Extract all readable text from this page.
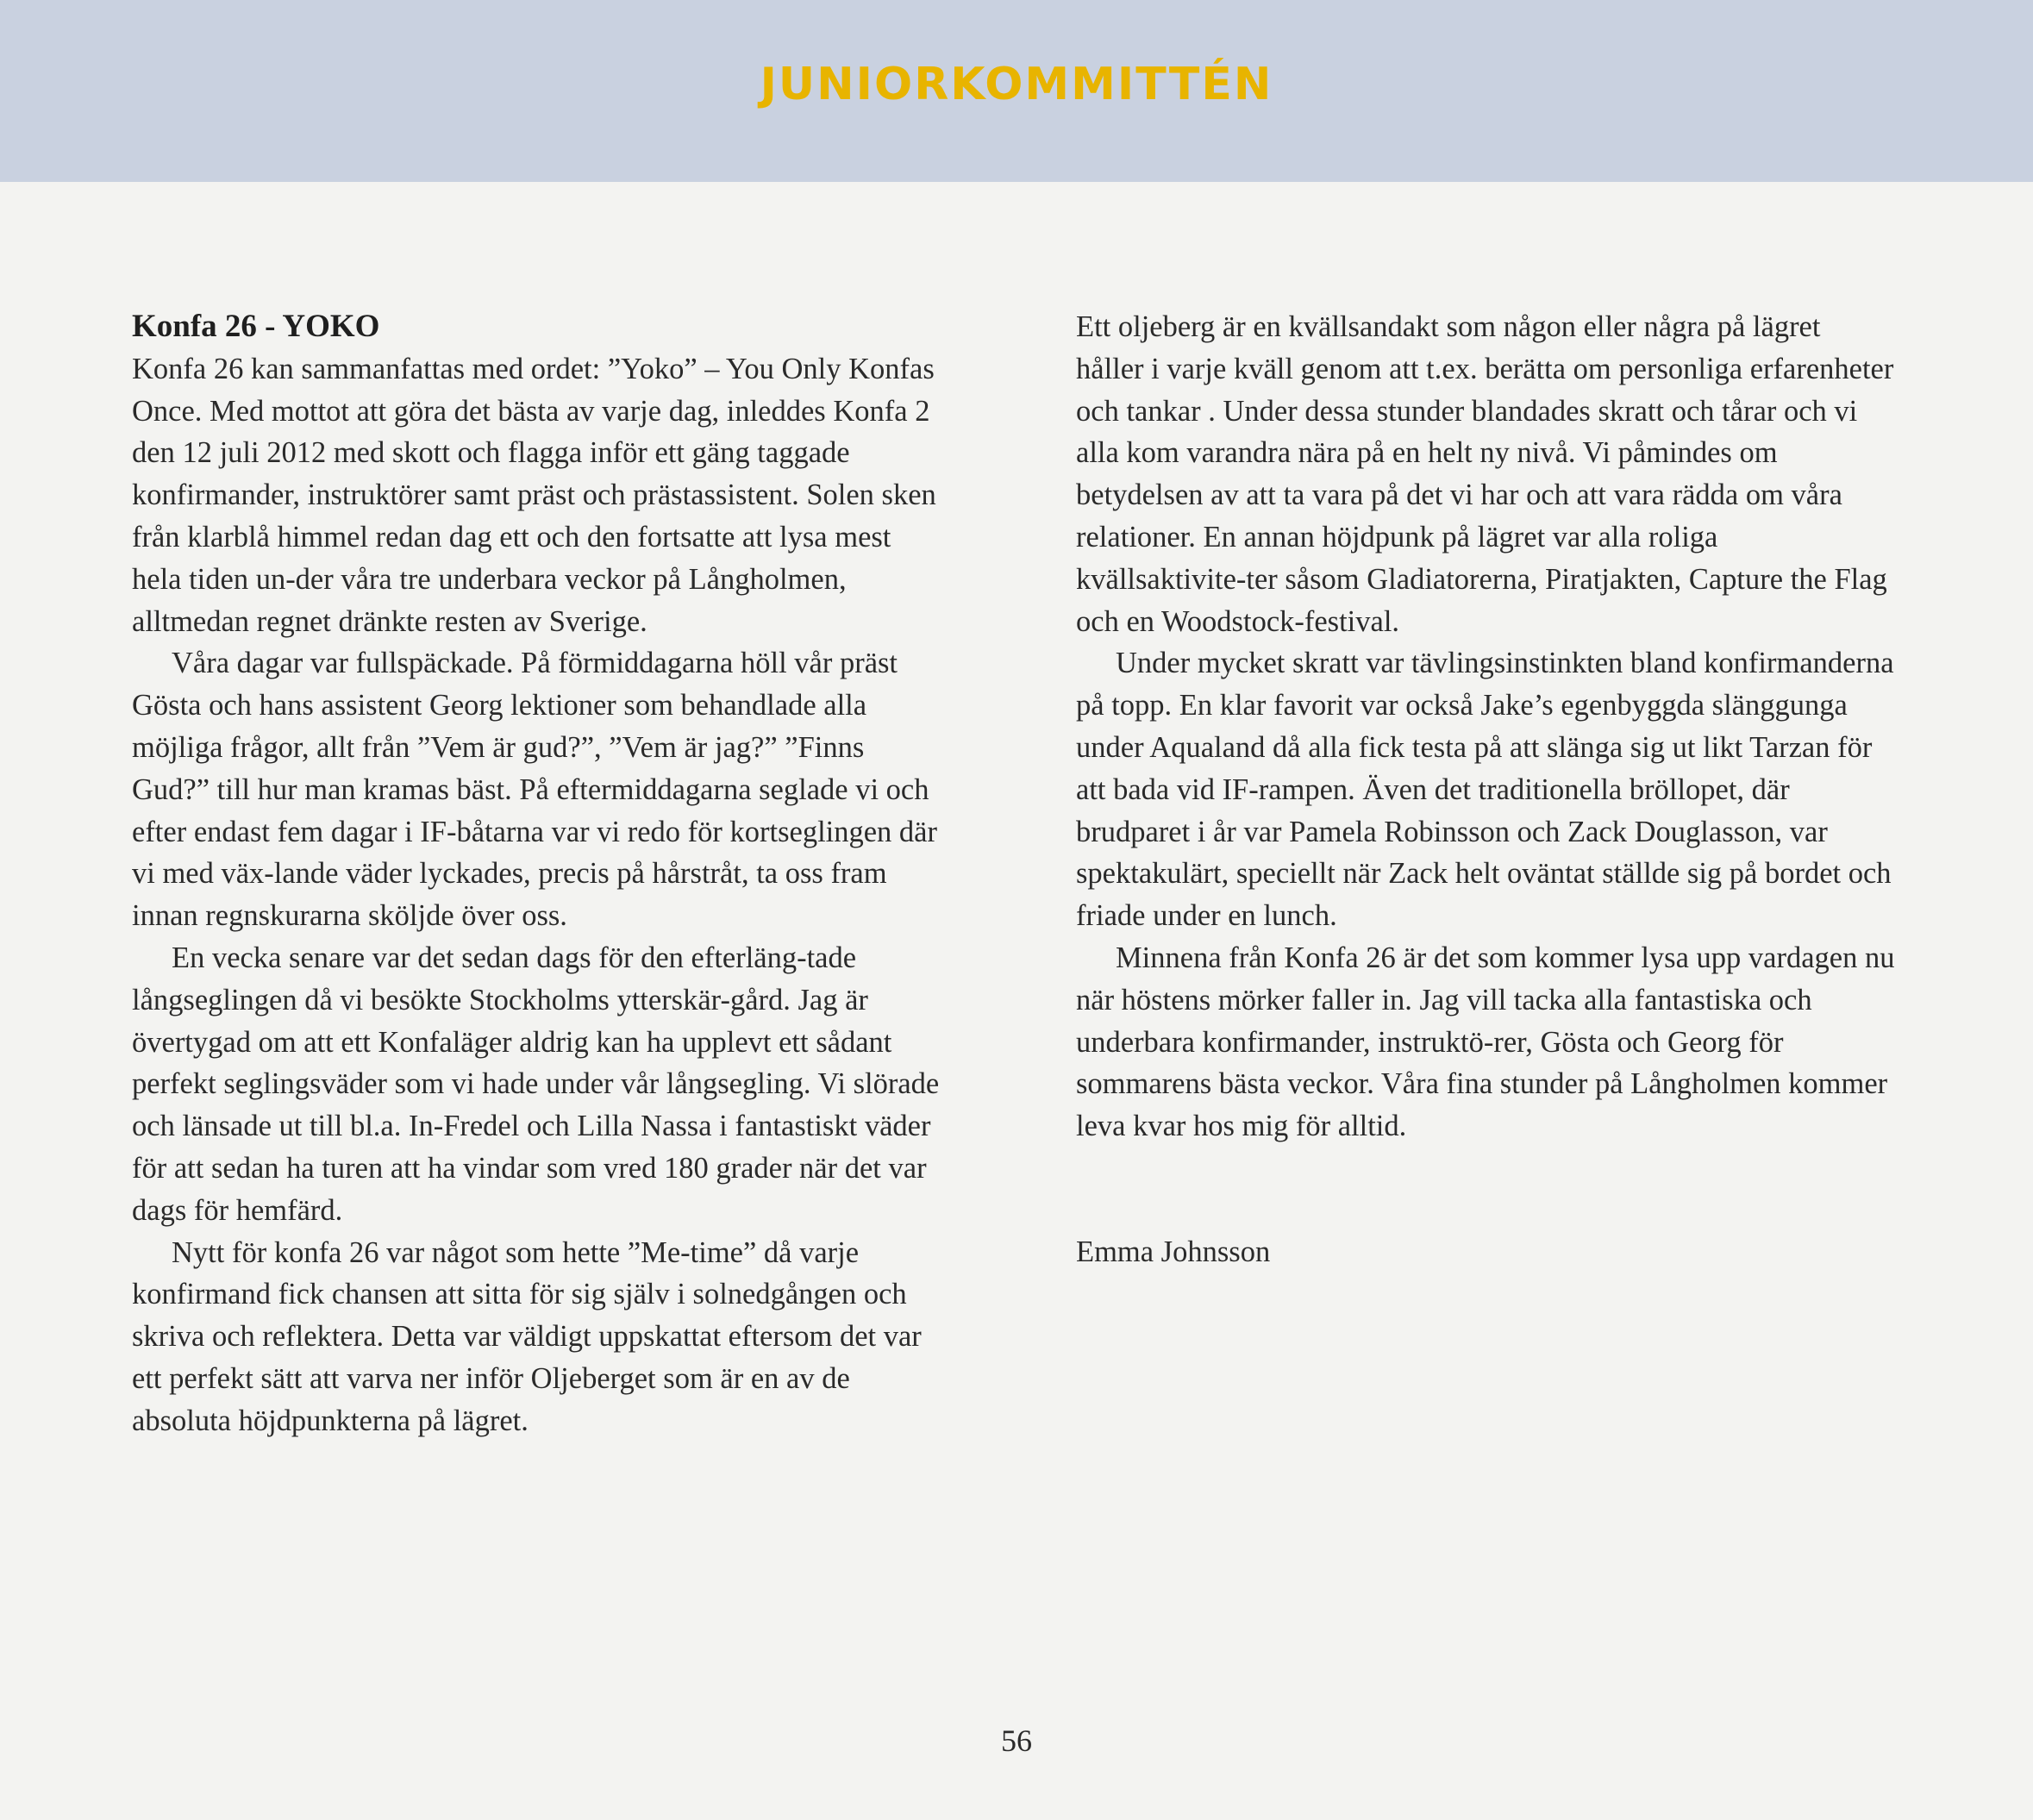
JUNIORKOMMITTÉN
Konfa 26 - YOKO

Konfa 26 kan sammanfattas med ordet: ”Yoko” – You Only Konfas Once. Med mottot att göra det bästa av varje dag, inleddes Konfa 2 den 12 juli 2012 med skott och flagga inför ett gäng taggade konfirmander, instruktörer samt präst och prästassistent. Solen sken från klarblå himmel redan dag ett och den fortsatte att lysa mest hela tiden un-der våra tre underbara veckor på Långholmen, alltmedan regnet dränkte resten av Sverige.

Våra dagar var fullspäckade. På förmiddagarna höll vår präst Gösta och hans assistent Georg lektioner som behandlade alla möjliga frågor, allt från ”Vem är gud?”, ”Vem är jag?” ”Finns Gud?” till hur man kramas bäst. På eftermiddagarna seglade vi och efter endast fem dagar i IF-båtarna var vi redo för kortseglingen där vi med väx-lande väder lyckades, precis på hårstråt, ta oss fram innan regnskurarna sköljde över oss.

En vecka senare var det sedan dags för den efterläng-tade långseglingen då vi besökte Stockholms ytterskär-gård. Jag är övertygad om att ett Konfaläger aldrig kan ha upplevt ett sådant perfekt seglingsväder som vi hade under vår långsegling. Vi slörade och länsade ut till bl.a. In-Fredel och Lilla Nassa i fantastiskt väder för att sedan ha turen att ha vindar som vred 180 grader när det var dags för hemfärd.

Nytt för konfa 26 var något som hette ”Me-time” då varje konfirmand fick chansen att sitta för sig själv i solnedgången och skriva och reflektera. Detta var väldigt uppskattat eftersom det var ett perfekt sätt att varva ner inför Oljeberget som är en av de absoluta höjdpunkterna på lägret.

Ett oljeberg är en kvällsandakt som någon eller några på lägret håller i varje kväll genom att t.ex. berätta om personliga erfarenheter och tankar . Under dessa stunder blandades skratt och tårar och vi alla kom varandra nära på en helt ny nivå. Vi påmindes om betydelsen av att ta vara på det vi har och att vara rädda om våra relationer. En annan höjdpunk på lägret var alla roliga kvällsaktivite-ter såsom Gladiatorerna, Piratjakten, Capture the Flag och en Woodstock-festival.

Under mycket skratt var tävlingsinstinkten bland konfirmanderna på topp. En klar favorit var också Jake’s egenbyggda slänggunga under Aqualand då alla fick testa på att slänga sig ut likt Tarzan för att bada vid IF-rampen. Även det traditionella bröllopet, där brudparet i år var Pamela Robinsson och Zack Douglasson, var spektakulärt, speciellt när Zack helt oväntat ställde sig på bordet och friade under en lunch.

Minnena från Konfa 26 är det som kommer lysa upp vardagen nu när höstens mörker faller in. Jag vill tacka alla fantastiska och underbara konfirmander, instruktö-rer, Gösta och Georg för sommarens bästa veckor. Våra fina stunder på Långholmen kommer leva kvar hos mig för alltid.

Emma Johnsson

56
